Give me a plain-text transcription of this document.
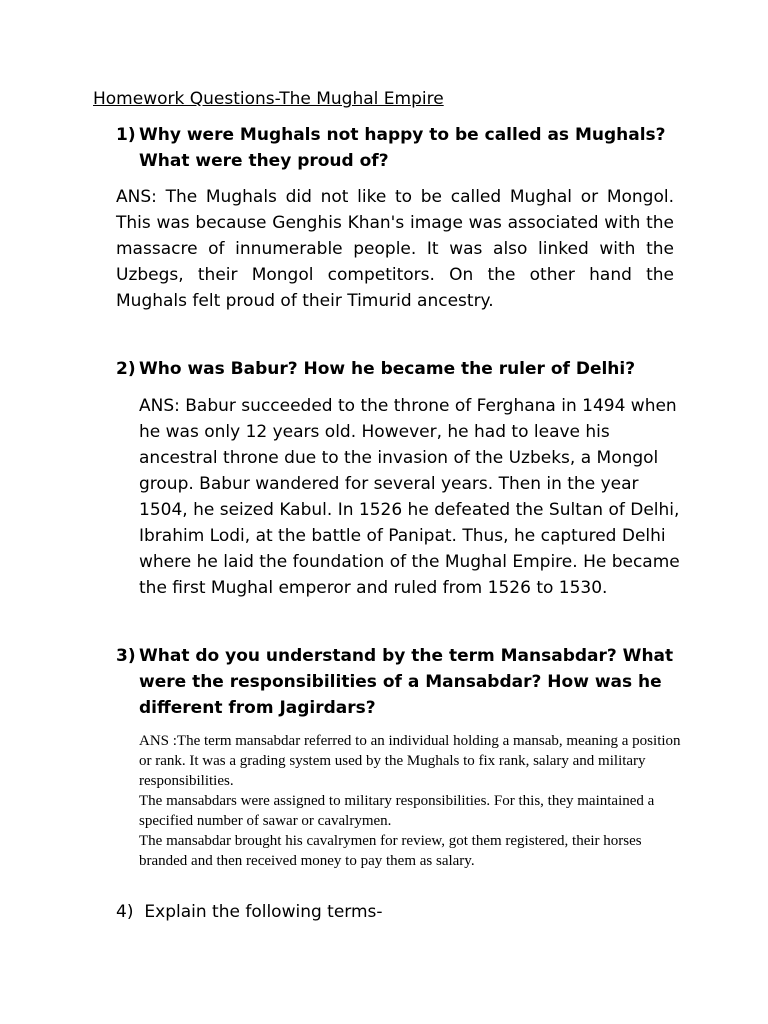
Homework Questions-The Mughal Empire
1) Why were Mughals not happy to be called as Mughals? What were they proud of?
ANS: The Mughals did not like to be called Mughal or Mongol. This was because Genghis Khan's image was associated with the massacre of innumerable people. It was also linked with the Uzbegs, their Mongol competitors. On the other hand the Mughals felt proud of their Timurid ancestry.
2) Who was Babur? How he became the ruler of Delhi?
ANS: Babur succeeded to the throne of Ferghana in 1494 when he was only 12 years old. However, he had to leave his ancestral throne due to the invasion of the Uzbeks, a Mongol group. Babur wandered for several years. Then in the year 1504, he seized Kabul. In 1526 he defeated the Sultan of Delhi, Ibrahim Lodi, at the battle of Panipat. Thus, he captured Delhi where he laid the foundation of the Mughal Empire. He became the first Mughal emperor and ruled from 1526 to 1530.
3) What do you understand by the term Mansabdar? What were the responsibilities of a Mansabdar? How was he different from Jagirdars?

ANS :The term mansabdar referred to an individual holding a mansab, meaning a position or rank. It was a grading system used by the Mughals to fix rank, salary and military responsibilities.

The mansabdars were assigned to military responsibilities. For this, they maintained a specified number of sawar or cavalrymen.

The mansabdar brought his cavalrymen for review, got them registered, their horses branded and then received money to pay them as salary.

4) Explain the following terms-
